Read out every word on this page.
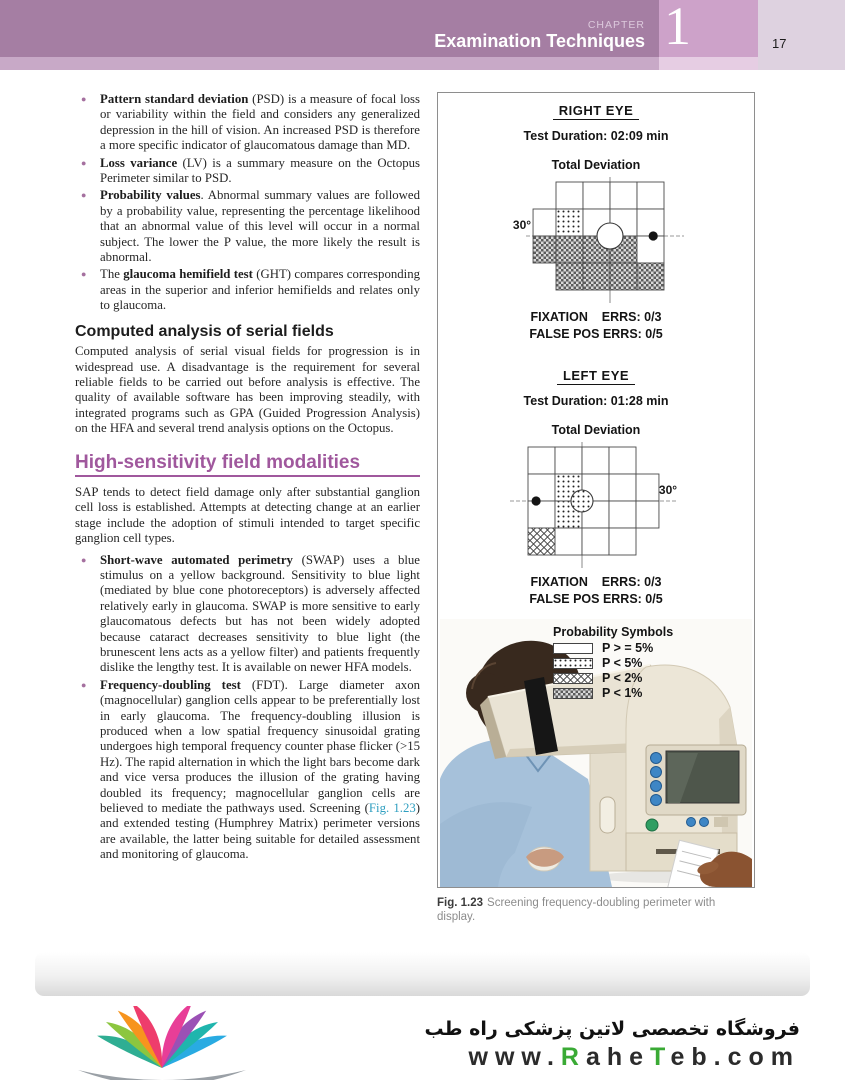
CHAPTER
Examination Techniques 1	17
● Pattern standard deviation (PSD) is a measure of focal loss or variability within the field and considers any generalized depression in the hill of vision. An increased PSD is therefore a more specific indicator of glaucomatous damage than MD.
● Loss variance (LV) is a summary measure on the Octopus Perimeter similar to PSD.
● Probability values. Abnormal summary values are followed by a probability value, representing the percentage likelihood that an abnormal value of this level will occur in a normal subject. The lower the P value, the more likely the result is abnormal.
● The glaucoma hemifield test (GHT) compares corresponding areas in the superior and inferior hemifields and relates only to glaucoma.
Computed analysis of serial fields

Computed analysis of serial visual fields for progression is in widespread use. A disadvantage is the requirement for several reliable fields to be carried out before analysis is effective. The quality of available software has been improving steadily, with integrated programs such as GPA (Guided Progression Analysis) on the HFA and several trend analysis options on the Octopus.

High-sensitivity field modalities

SAP tends to detect field damage only after substantial ganglion cell loss is established. Attempts at detecting change at an earlier stage include the adoption of stimuli intended to target specific ganglion cell types.

● Short-wave automated perimetry (SWAP) uses a blue stimulus on a yellow background. Sensitivity to blue light (mediated by blue cone photoreceptors) is adversely affected relatively early in glaucoma. SWAP is more sensitive to early glaucomatous defects but has not been widely adopted because cataract decreases sensitivity to blue light (the brunescent lens acts as a yellow filter) and patients frequently dislike the lengthy test. It is available on newer HFA models.
● Frequency-doubling test (FDT). Large diameter axon (magnocellular) ganglion cells appear to be preferentially lost in early glaucoma. The frequency-doubling illusion is produced when a low spatial frequency sinusoidal grating undergoes high temporal frequency counter phase flicker (>15 Hz). The rapid alternation in which the light bars become dark and vice versa produces the illusion of the grating having doubled its frequency; magnocellular ganglion cells are believed to mediate the pathways used. Screening (Fig. 1.23) and extended testing (Humphrey Matrix) perimeter versions are available, the latter being suitable for detailed assessment and monitoring of glaucoma.
RIGHT EYE
Test Duration: 02:09 min
Total Deviation
30°
FIXATION    ERRS: 0/3
FALSE POS ERRS: 0/5
LEFT EYE
Test Duration: 01:28 min
Total Deviation
30°
FIXATION    ERRS: 0/3
FALSE POS ERRS: 0/5
Probability Symbols
P > = 5%
P < 5%
P < 2%
P < 1%

Fig. 1.23 Screening frequency-doubling perimeter with display.

فروشگاه تخصصی لاتین پزشکی راه طب
www.RaheTeb.com
